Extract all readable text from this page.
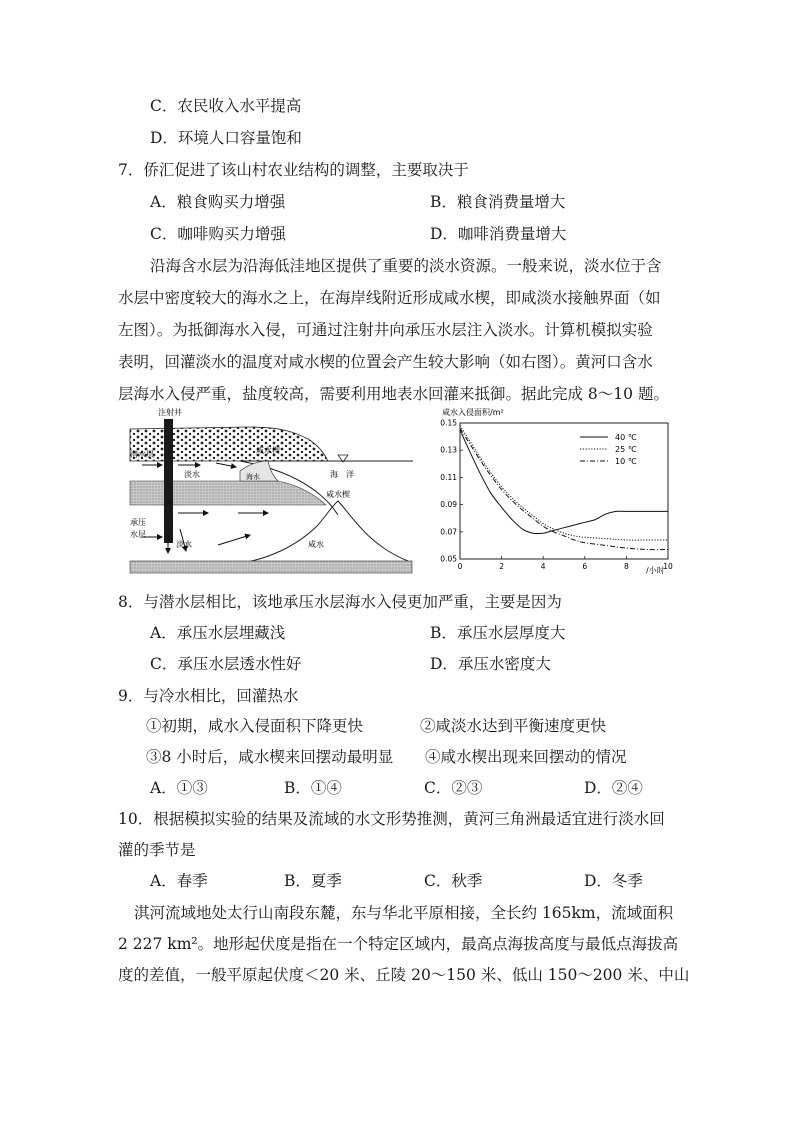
C．农民收入水平提高
D．环境人口容量饱和
7．侨汇促进了该山村农业结构的调整，主要取决于
A．粮食购买力增强	B．粮食消费量增大
C．咖啡购买力增强	D．咖啡消费量增大
沿海含水层为沿海低洼地区提供了重要的淡水资源。一般来说，淡水位于含
水层中密度较大的海水之上，在海岸线附近形成咸水楔，即咸淡水接触界面（如
左图）。为抵御海水入侵，可通过注射井向承压水层注入淡水。计算机模拟实验
表明，回灌淡水的温度对咸水楔的位置会产生较大影响（如右图）。黄河口含水
层海水入侵严重，盐度较高，需要利用地表水回灌来抵御。据此完成 8～10 题。
注射井
咸水楔
潜水层
淡水	海水	海　洋
咸水楔
承压
水层
淡水	咸水
咸水入侵面积/m²
0	2	4	6	8	10
0.05
0.07
0.09
0.11
0.13
0.15
40 ℃
25 ℃
10 ℃
/小时
8．与潜水层相比，该地承压水层海水入侵更加严重，主要是因为
A．承压水层埋藏浅	B．承压水层厚度大
C．承压水层透水性好	D．承压水密度大
9．与冷水相比，回灌热水
①初期，咸水入侵面积下降更快	②咸淡水达到平衡速度更快
③8 小时后，咸水楔来回摆动最明显 ④咸水楔出现来回摆动的情况
A．①③	B．①④	C．②③	D．②④
10．根据模拟实验的结果及流域的水文形势推测，黄河三角洲最适宜进行淡水回
灌的季节是
A．春季	B．夏季	C．秋季	D．冬季
淇河流域地处太行山南段东麓，东与华北平原相接，全长约 165km，流域面积
2 227 km²。地形起伏度是指在一个特定区域内，最高点海拔高度与最低点海拔高
度的差值，一般平原起伏度＜20 米、丘陵 20～150 米、低山 150～200 米、中山
